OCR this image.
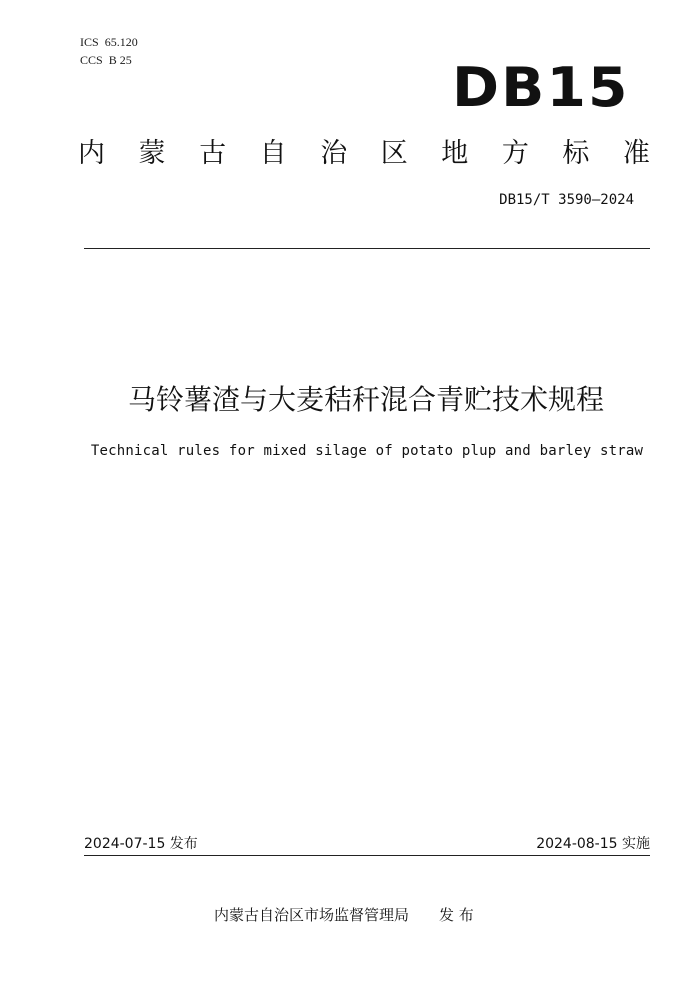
ICS 65.120
CCS B 25	DB15
内 蒙 古 自 治 区 地 方 标 准
DB15/T 3590—2024
马铃薯渣与大麦秸秆混合青贮技术规程
Technical rules for mixed silage of potato plup and barley straw
2024-07-15 发布	2024-08-15 实施
内蒙古自治区市场监督管理局 发 布
